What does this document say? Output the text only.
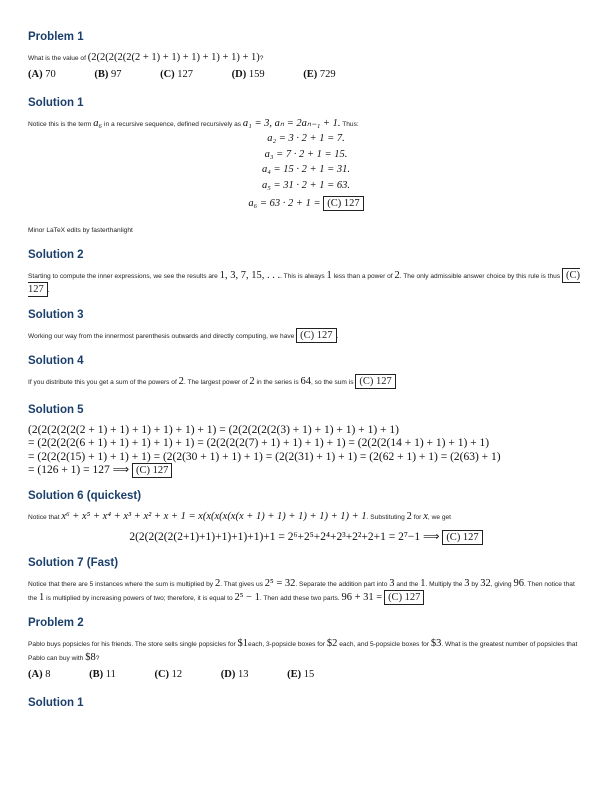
Problem 1

What is the value of (2(2(2(2(2(2 + 1) + 1) + 1) + 1) + 1) + 1)?

(A) 70	(B) 97	(C) 127	(D) 159	(E) 729
Solution 1

Notice this is the term a₆ in a recursive sequence, defined recursively as a₁ = 3, aₙ = 2aₙ₋₁ + 1. Thus:

a₂ = 3 · 2 + 1 = 7.
a₃ = 7 · 2 + 1 = 15.
a₄ = 15 · 2 + 1 = 31.
a₅ = 31 · 2 + 1 = 63.
a₆ = 63 · 2 + 1 = (C) 127

Minor LaTeX edits by fasterthanlight

Solution 2

Starting to compute the inner expressions, we see the results are 1, 3, 7, 15, . . .. This is always 1 less than a power of 2. The only admissible answer choice by this rule is thus (C) 127 .

Solution 3

Working our way from the innermost parenthesis outwards and directly computing, we have (C) 127 .

Solution 4

If you distribute this you get a sum of the powers of 2. The largest power of 2 in the series is 64, so the sum is (C) 127

Solution 5
(2(2(2(2(2(2 + 1) + 1) + 1) + 1) + 1) + 1) = (2(2(2(2(2(3) + 1) + 1) + 1) + 1) + 1)
= (2(2(2(2(6 + 1) + 1) + 1) + 1) + 1) = (2(2(2(2(7) + 1) + 1) + 1) + 1) = (2(2(2(14 + 1) + 1) + 1) + 1)
= (2(2(2(15) + 1) + 1) + 1) = (2(2(30 + 1) + 1) + 1) = (2(2(31) + 1) + 1) = (2(62 + 1) + 1) = (2(63) + 1)
= (126 + 1) = 127 ⟹ (C) 127
Solution 6 (quickest)

Notice that x⁶ + x⁵ + x⁴ + x³ + x² + x + 1 = x(x(x(x(x(x + 1) + 1) + 1) + 1) + 1) + 1. Substituting 2 for x, we get

2(2(2(2(2(2+1)+1)+1)+1)+1)+1 = 2⁶+2⁵+2⁴+2³+2²+2+1 = 2⁷−1 ⟹ (C) 127
Solution 7 (Fast)

Notice that there are 5 instances where the sum is multiplied by 2. That gives us 2⁵ = 32. Separate the addition part into 3 and the 1. Multiply the 3 by 32, giving 96. Then notice that the 1 is multiplied by increasing powers of two; therefore, it is equal to 2⁵ − 1. Then add these two parts. 96 + 31 = (C) 127

Problem 2

Pablo buys popsicles for his friends. The store sells single popsicles for $1each, 3-popsicle boxes for $2 each, and 5-popsicle boxes for $3. What is the greatest number of popsicles that Pablo can buy with $8?

(A) 8	(B) 11	(C) 12	(D) 13	(E) 15
Solution 1
